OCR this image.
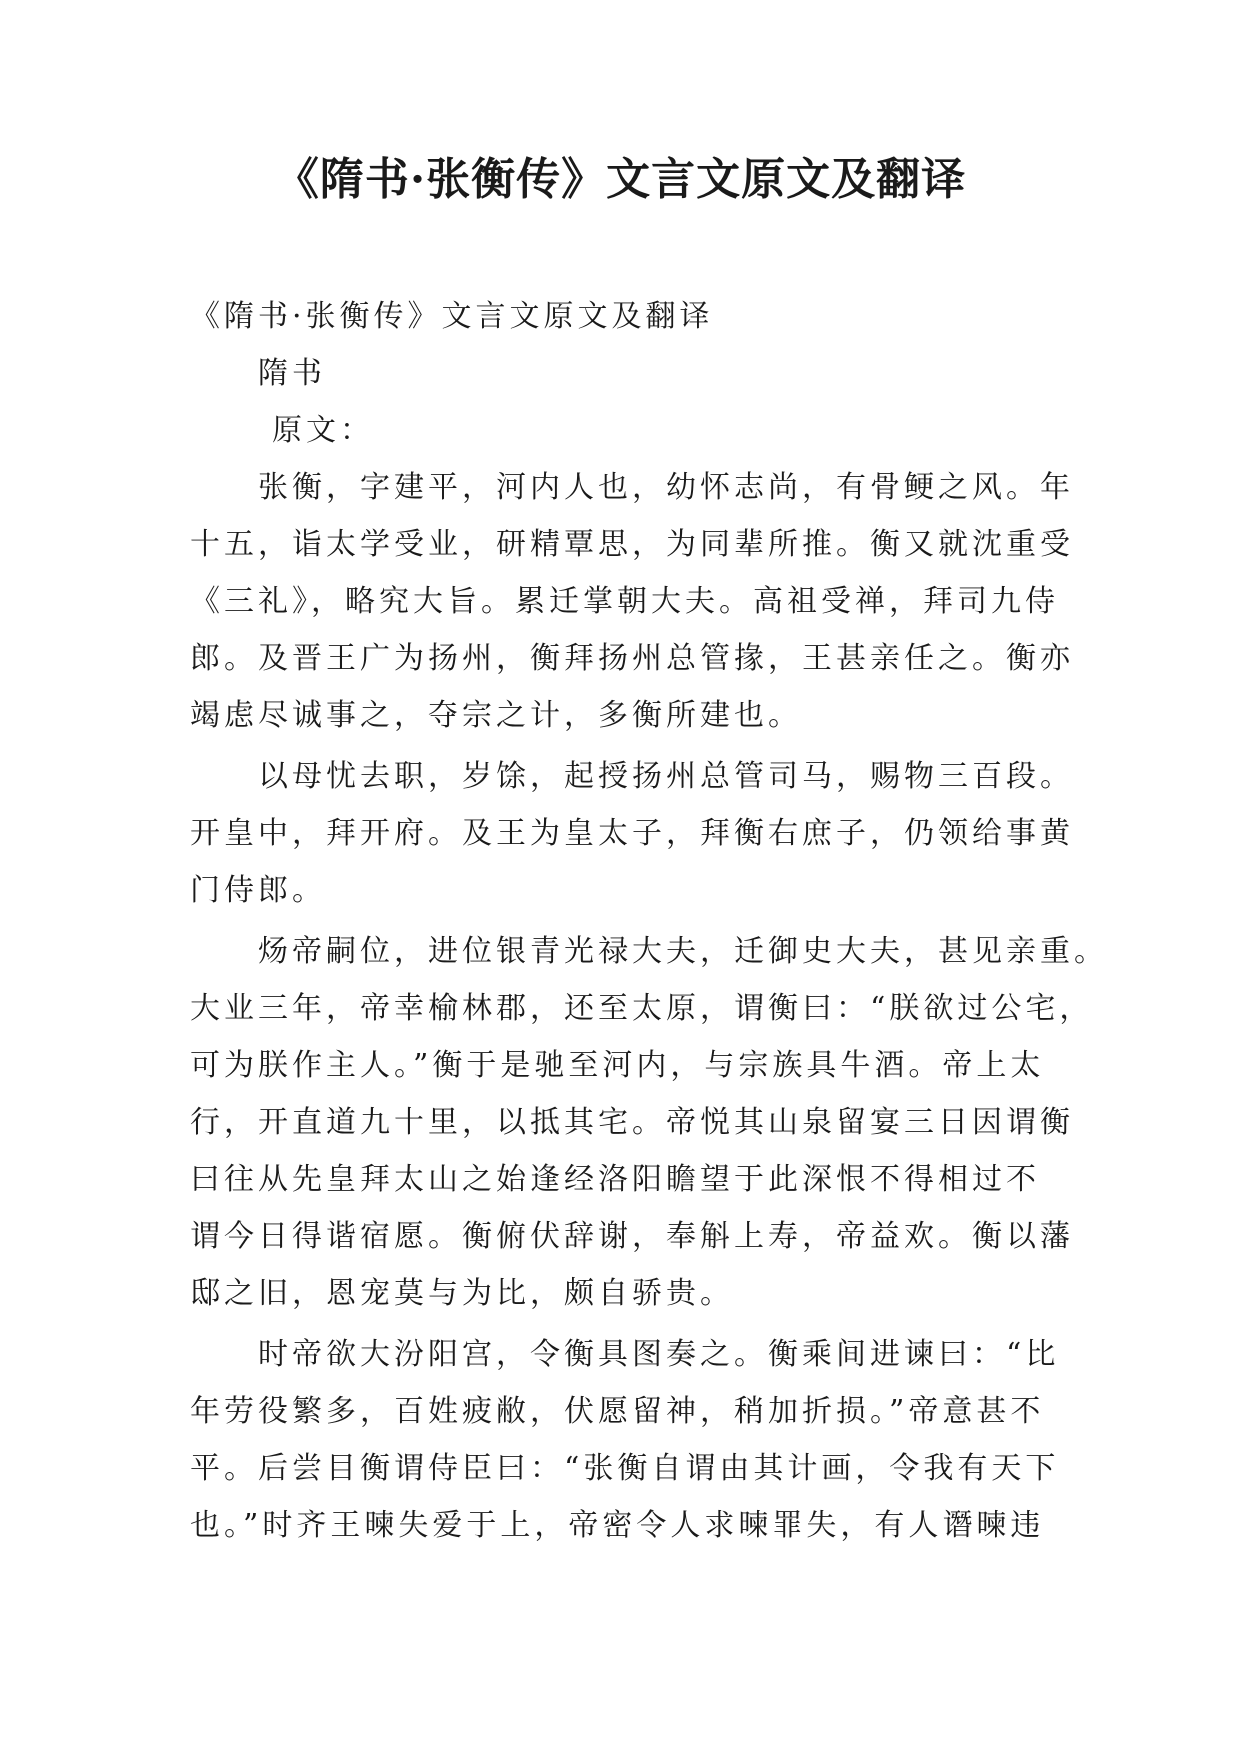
《隋书·张衡传》文言文原文及翻译
《隋书·张衡传》文言文原文及翻译
隋书
原文：
张衡，字建平，河内人也，幼怀志尚，有骨鲠之风。年
十五，诣太学受业，研精覃思，为同辈所推。衡又就沈重受
《三礼》，略究大旨。累迁掌朝大夫。高祖受禅，拜司九侍
郎。及晋王广为扬州，衡拜扬州总管掾，王甚亲任之。衡亦
竭虑尽诚事之，夺宗之计，多衡所建也。
以母忧去职，岁馀，起授扬州总管司马，赐物三百段。
开皇中，拜开府。及王为皇太子，拜衡右庶子，仍领给事黄
门侍郎。
炀帝嗣位，进位银青光禄大夫，迁御史大夫，甚见亲重。
大业三年，帝幸榆林郡，还至太原，谓衡曰：“朕欲过公宅，
可为朕作主人。”衡于是驰至河内，与宗族具牛酒。帝上太
行，开直道九十里，以抵其宅。帝悦其山泉留宴三日因谓衡
曰往从先皇拜太山之始逢经洛阳瞻望于此深恨不得相过不
谓今日得谐宿愿。衡俯伏辞谢，奉斛上寿，帝益欢。衡以藩
邸之旧，恩宠莫与为比，颇自骄贵。
时帝欲大汾阳宫，令衡具图奏之。衡乘间进谏曰：“比
年劳役繁多，百姓疲敝，伏愿留神，稍加折损。”帝意甚不
平。后尝目衡谓侍臣曰：“张衡自谓由其计画，令我有天下
也。”时齐王暕失爱于上，帝密令人求暕罪失，有人谮暕违
